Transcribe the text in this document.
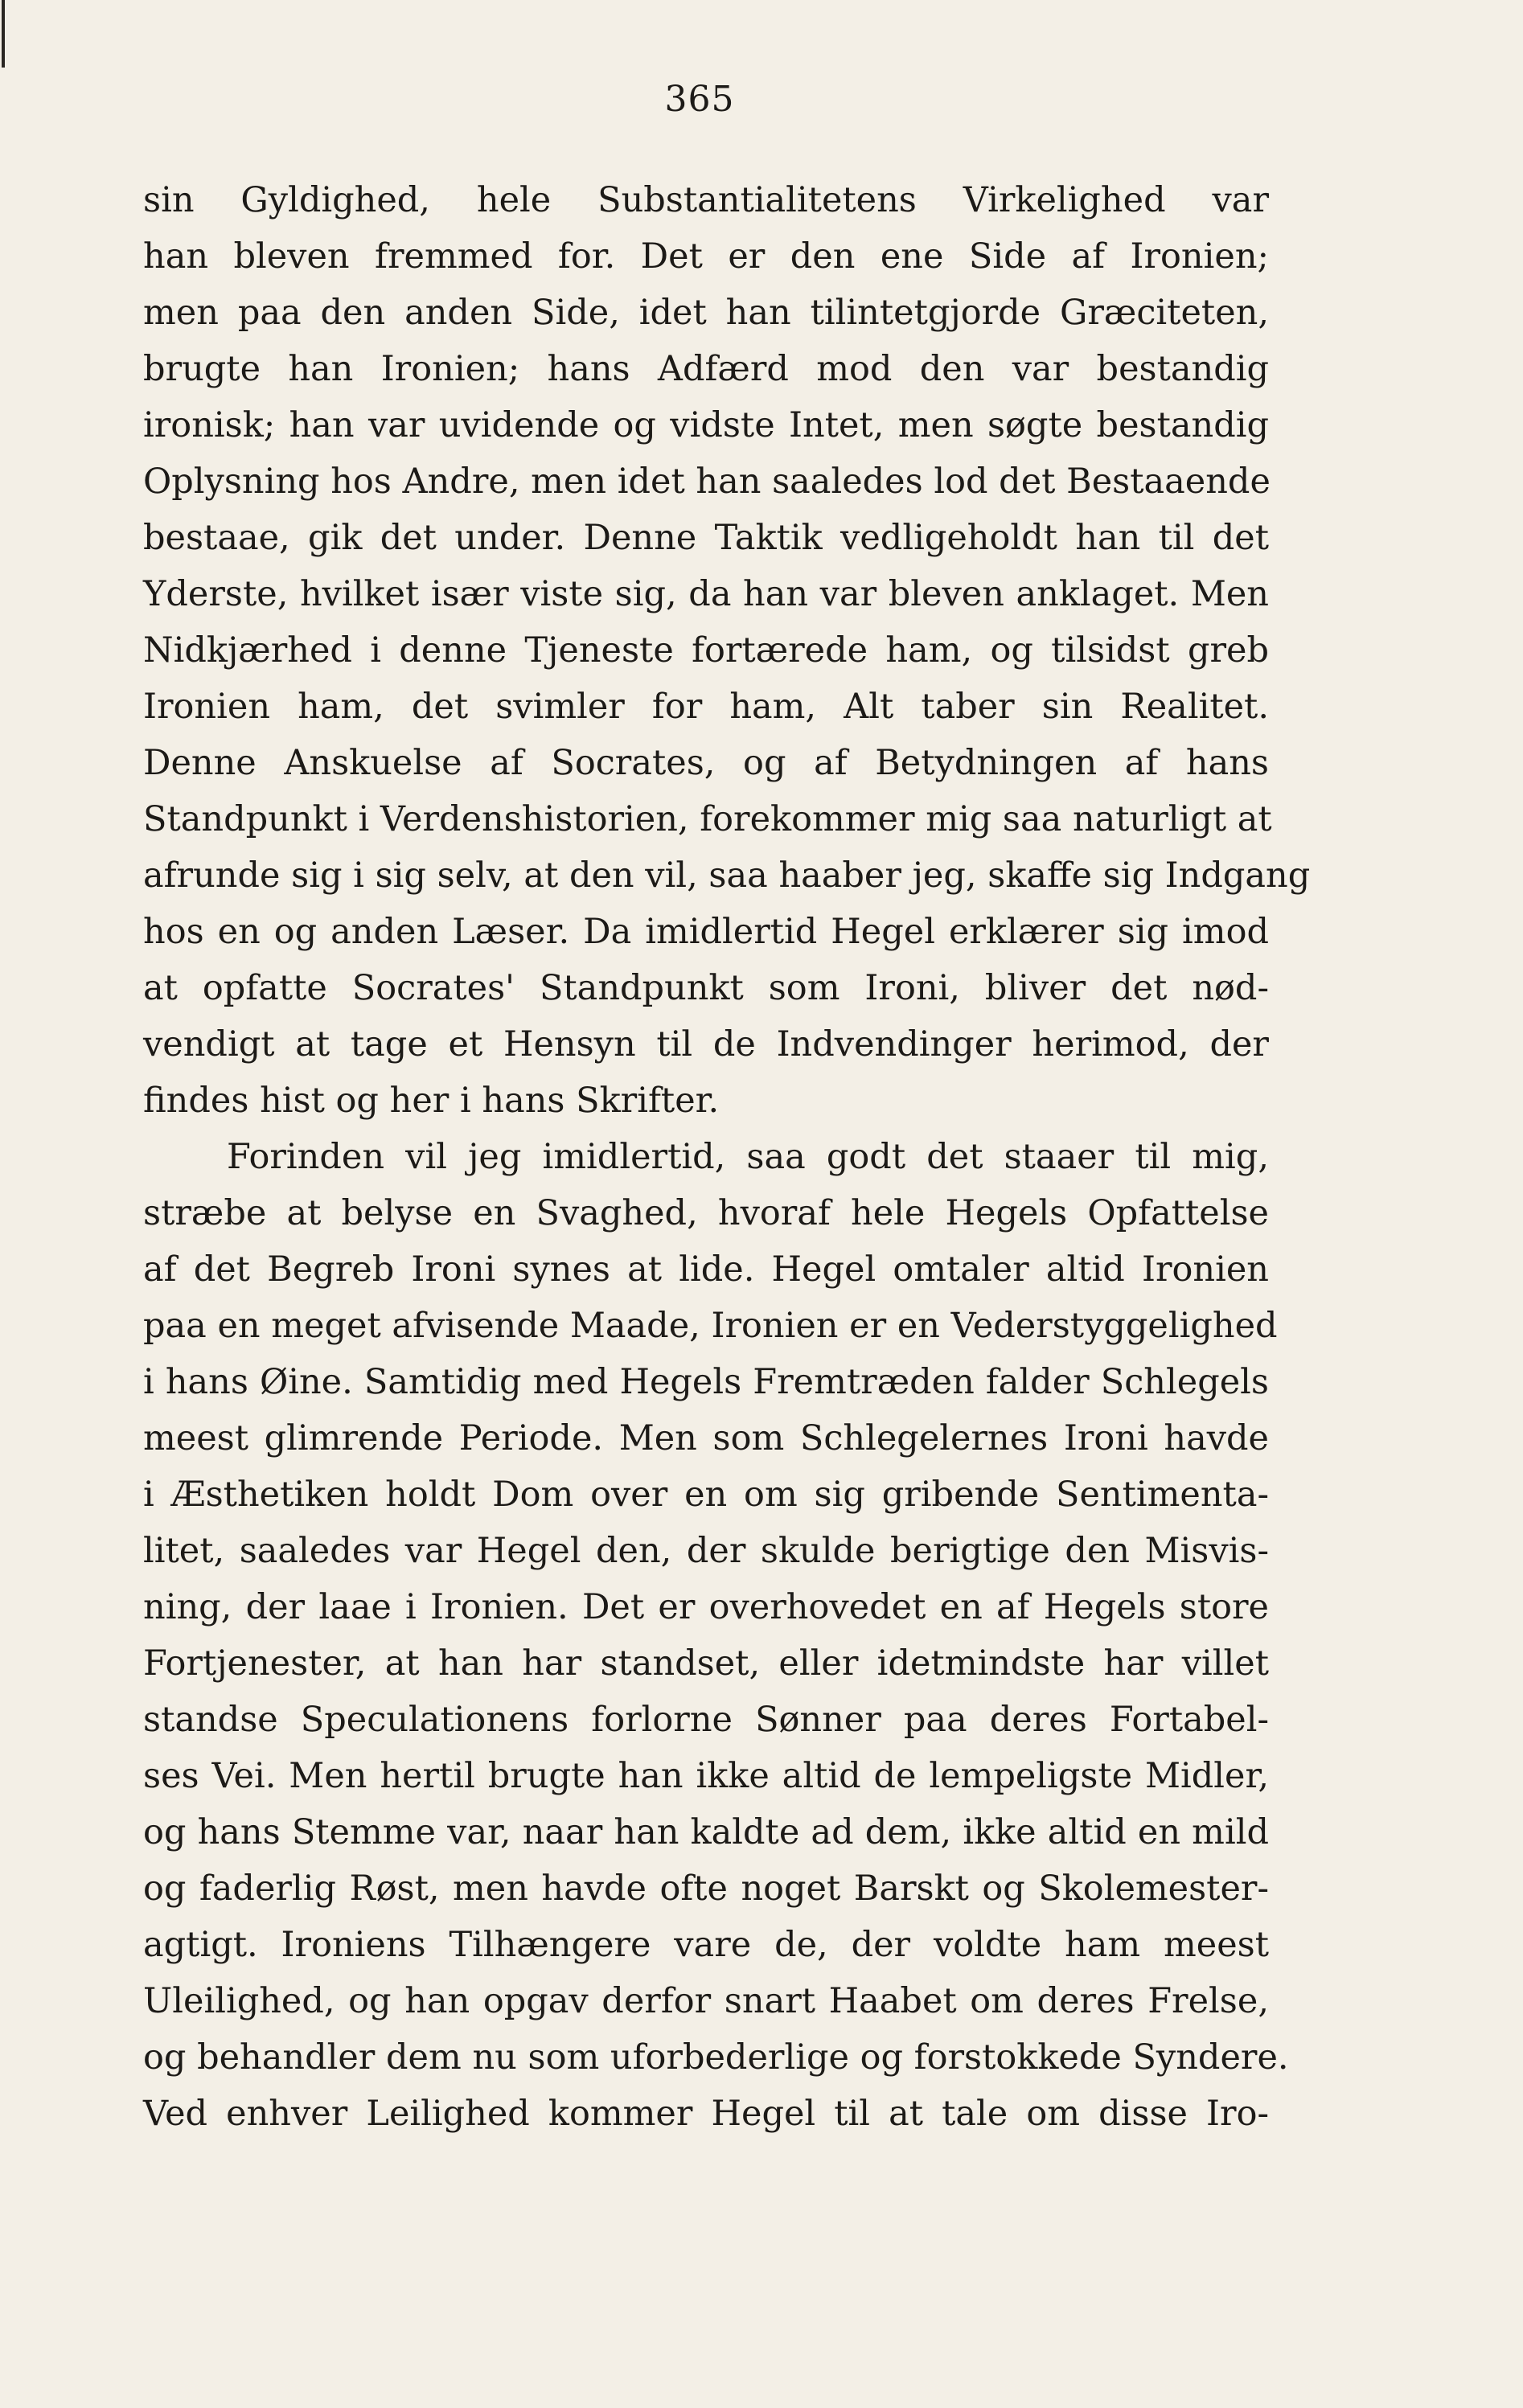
365
sin Gyldighed, hele Substantialitetens Virkelighed var
han bleven fremmed for. Det er den ene Side af Ironien;
men paa den anden Side, idet han tilintetgjorde Græciteten,
brugte han Ironien; hans Adfærd mod den var bestandig
ironisk; han var uvidende og vidste Intet, men søgte bestandig
Oplysning hos Andre, men idet han saaledes lod det Bestaaende
bestaae, gik det under. Denne Taktik vedligeholdt han til det
Yderste, hvilket især viste sig, da han var bleven anklaget. Men
Nidkjærhed i denne Tjeneste fortærede ham, og tilsidst greb
Ironien ham, det svimler for ham, Alt taber sin Realitet.
Denne Anskuelse af Socrates, og af Betydningen af hans
Standpunkt i Verdenshistorien, forekommer mig saa naturligt at
afrunde sig i sig selv, at den vil, saa haaber jeg, skaffe sig Indgang
hos en og anden Læser. Da imidlertid Hegel erklærer sig imod
at opfatte Socrates' Standpunkt som Ironi, bliver det nød-
vendigt at tage et Hensyn til de Indvendinger herimod, der
findes hist og her i hans Skrifter.
Forinden vil jeg imidlertid, saa godt det staaer til mig,
stræbe at belyse en Svaghed, hvoraf hele Hegels Opfattelse
af det Begreb Ironi synes at lide. Hegel omtaler altid Ironien
paa en meget afvisende Maade, Ironien er en Vederstyggelighed
i hans Øine. Samtidig med Hegels Fremtræden falder Schlegels
meest glimrende Periode. Men som Schlegelernes Ironi havde
i Æsthetiken holdt Dom over en om sig gribende Sentimenta-
litet, saaledes var Hegel den, der skulde berigtige den Misvis-
ning, der laae i Ironien. Det er overhovedet en af Hegels store
Fortjenester, at han har standset, eller idetmindste har villet
standse Speculationens forlorne Sønner paa deres Fortabel-
ses Vei. Men hertil brugte han ikke altid de lempeligste Midler,
og hans Stemme var, naar han kaldte ad dem, ikke altid en mild
og faderlig Røst, men havde ofte noget Barskt og Skolemester-
agtigt. Ironiens Tilhængere vare de, der voldte ham meest
Uleilighed, og han opgav derfor snart Haabet om deres Frelse,
og behandler dem nu som uforbederlige og forstokkede Syndere.
Ved enhver Leilighed kommer Hegel til at tale om disse Iro-
